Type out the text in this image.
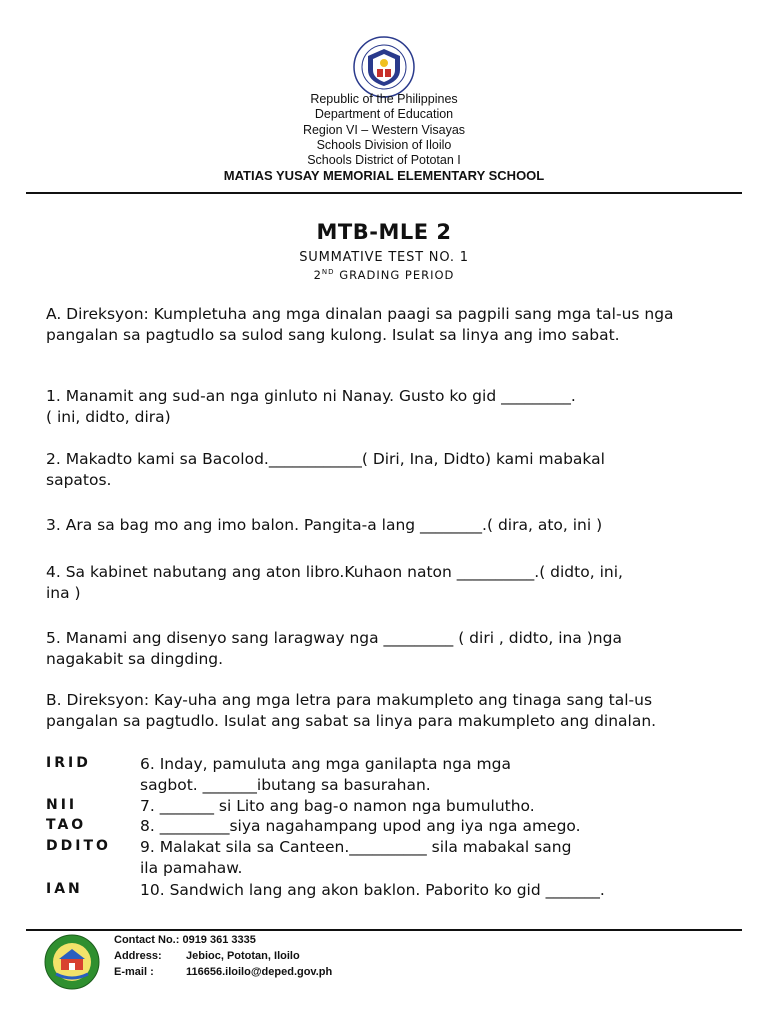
Republic of the Philippines
Department of Education
Region VI – Western Visayas
Schools Division of Iloilo
Schools District of Pototan I
MATIAS YUSAY MEMORIAL ELEMENTARY SCHOOL
MTB-MLE 2
SUMMATIVE TEST NO. 1
2ND GRADING PERIOD
A. Direksyon: Kumpletuha ang mga dinalan paagi sa pagpili sang mga tal-us nga pangalan sa pagtudlo sa sulod sang kulong. Isulat sa linya ang imo sabat.
1. Manamit ang sud-an nga ginluto ni Nanay. Gusto ko gid _________.
( ini, didto, dira)
2. Makadto kami sa Bacolod.____________( Diri, Ina, Didto) kami mabakal
sapatos.
3. Ara sa bag mo ang imo balon. Pangita-a lang ________.( dira, ato, ini )
4. Sa kabinet nabutang ang aton libro.Kuhaon naton __________.( didto, ini,
ina )
5. Manami ang disenyo sang laragway nga _________ ( diri , didto, ina )nga
nagakabit sa dingding.
B. Direksyon: Kay-uha ang mga letra para makumpleto ang tinaga sang tal-us pangalan sa pagtudlo. Isulat ang sabat sa linya para makumpleto ang dinalan.
IRID	6. Inday, pamuluta ang mga ganilapta nga mga
sagbot. _______ibutang sa basurahan.
NII	7. _______ si Lito ang bag-o namon nga bumulutho.
TAO	8. _________siya nagahampang upod ang iya nga amego.
DDITO 9. Malakat sila sa Canteen.__________ sila mabakal sang
ila pamahaw.
IAN	10. Sandwich lang ang akon baklon. Paborito ko gid _______.
Contact No.: 0919 361 3335
Address: Jebioc, Pototan, Iloilo
E-mail :	116656.iloilo@deped.gov.ph
